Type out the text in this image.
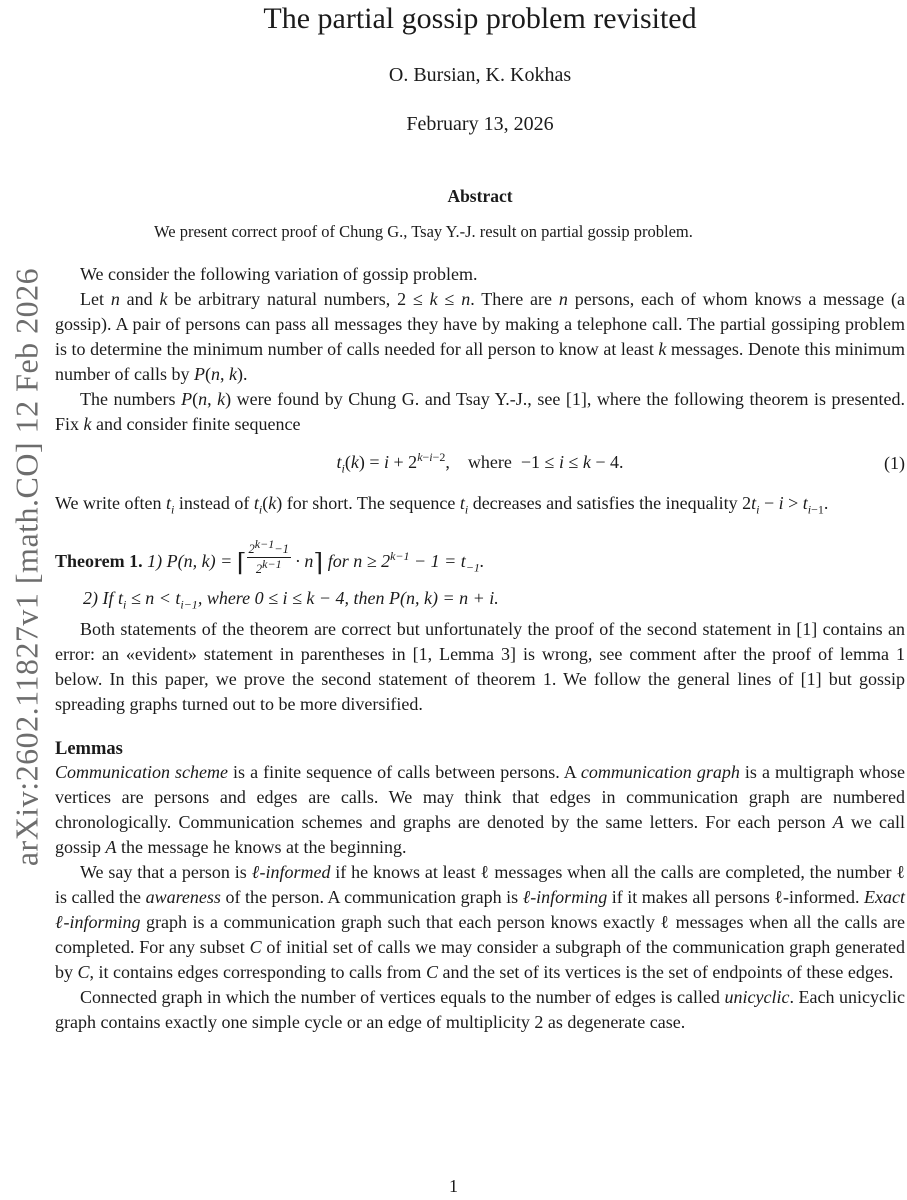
arXiv:2602.11827v1 [math.CO] 12 Feb 2026
The partial gossip problem revisited
O. Bursian, K. Kokhas
February 13, 2026
Abstract
We present correct proof of Chung G., Tsay Y.-J. result on partial gossip problem.

We consider the following variation of gossip problem.

Let n and k be arbitrary natural numbers, 2 ≤ k ≤ n. There are n persons, each of whom knows a message (a gossip). A pair of persons can pass all messages they have by making a telephone call. The partial gossiping problem is to determine the minimum number of calls needed for all person to know at least k messages. Denote this minimum number of calls by P(n, k).

The numbers P(n, k) were found by Chung G. and Tsay Y.-J., see [1], where the following theorem is presented. Fix k and consider finite sequence

$t_i(k) = i + 2^{k-i-2}$,    where  −1 ≤ i ≤ k − 4.	(1)

We write often $t_i$ instead of $t_i(k)$ for short. The sequence $t_i$ decreases and satisfies the inequality $2t_i - i > t_{i-1}$.

Theorem 1. 1) P(n, k) = ⌈ $\frac{2^{k-1}-1}{2^{k-1}}$ · n⌉ for $n \ge 2^{k-1} - 1 = t_{-1}$.
2) If $t_i \le n < t_{i-1}$, where 0 ≤ i ≤ k − 4, then P(n, k) = n + i.

Both statements of the theorem are correct but unfortunately the proof of the second statement in [1] contains an error: an «evident» statement in parentheses in [1, Lemma 3] is wrong, see comment after the proof of lemma 1 below. In this paper, we prove the second statement of theorem 1. We follow the general lines of [1] but gossip spreading graphs turned out to be more diversified.

Lemmas

Communication scheme is a finite sequence of calls between persons. A communication graph is a multigraph whose vertices are persons and edges are calls. We may think that edges in communication graph are numbered chronologically. Communication schemes and graphs are denoted by the same letters. For each person A we call gossip A the message he knows at the beginning.

We say that a person is ℓ-informed if he knows at least ℓ messages when all the calls are completed, the number ℓ is called the awareness of the person. A communication graph is ℓ-informing if it makes all persons ℓ-informed. Exact ℓ-informing graph is a communication graph such that each person knows exactly ℓ messages when all the calls are completed. For any subset C of initial set of calls we may consider a subgraph of the communication graph generated by C, it contains edges corresponding to calls from C and the set of its vertices is the set of endpoints of these edges.

Connected graph in which the number of vertices equals to the number of edges is called unicyclic. Each unicyclic graph contains exactly one simple cycle or an edge of multiplicity 2 as degenerate case.

1
